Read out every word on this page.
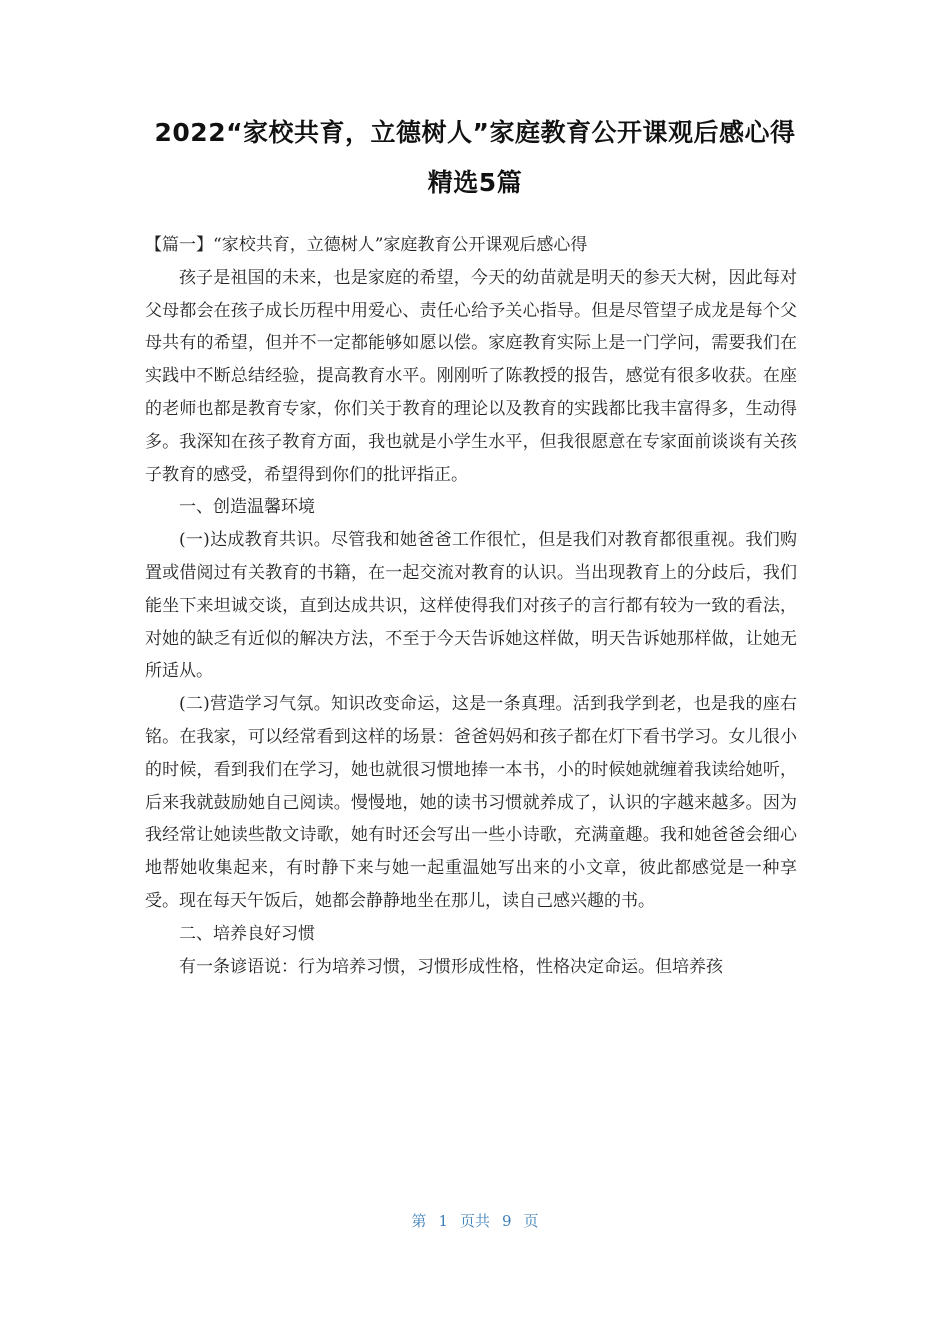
2022“家校共育，立德树人”家庭教育公开课观后感心得
精选5篇

【篇一】“家校共育，立德树人”家庭教育公开课观后感心得

孩子是祖国的未来，也是家庭的希望，今天的幼苗就是明天的参天大树，因此每对父母都会在孩子成长历程中用爱心、责任心给予关心指导。但是尽管望子成龙是每个父母共有的希望，但并不一定都能够如愿以偿。家庭教育实际上是一门学问，需要我们在实践中不断总结经验，提高教育水平。刚刚听了陈教授的报告，感觉有很多收获。在座的老师也都是教育专家，你们关于教育的理论以及教育的实践都比我丰富得多，生动得多。我深知在孩子教育方面，我也就是小学生水平，但我很愿意在专家面前谈谈有关孩子教育的感受，希望得到你们的批评指正。

一、创造温馨环境

(一)达成教育共识。尽管我和她爸爸工作很忙，但是我们对教育都很重视。我们购置或借阅过有关教育的书籍，在一起交流对教育的认识。当出现教育上的分歧后，我们能坐下来坦诚交谈，直到达成共识，这样使得我们对孩子的言行都有较为一致的看法，对她的缺乏有近似的解决方法，不至于今天告诉她这样做，明天告诉她那样做，让她无所适从。

(二)营造学习气氛。知识改变命运，这是一条真理。活到我学到老，也是我的座右铭。在我家，可以经常看到这样的场景：爸爸妈妈和孩子都在灯下看书学习。女儿很小的时候，看到我们在学习，她也就很习惯地捧一本书，小的时候她就缠着我读给她听，后来我就鼓励她自己阅读。慢慢地，她的读书习惯就养成了，认识的字越来越多。因为我经常让她读些散文诗歌，她有时还会写出一些小诗歌，充满童趣。我和她爸爸会细心地帮她收集起来，有时静下来与她一起重温她写出来的小文章，彼此都感觉是一种享受。现在每天午饭后，她都会静静地坐在那儿，读自己感兴趣的书。

二、培养良好习惯

有一条谚语说：行为培养习惯，习惯形成性格，性格决定命运。但培养孩

第 1 页共 9 页
